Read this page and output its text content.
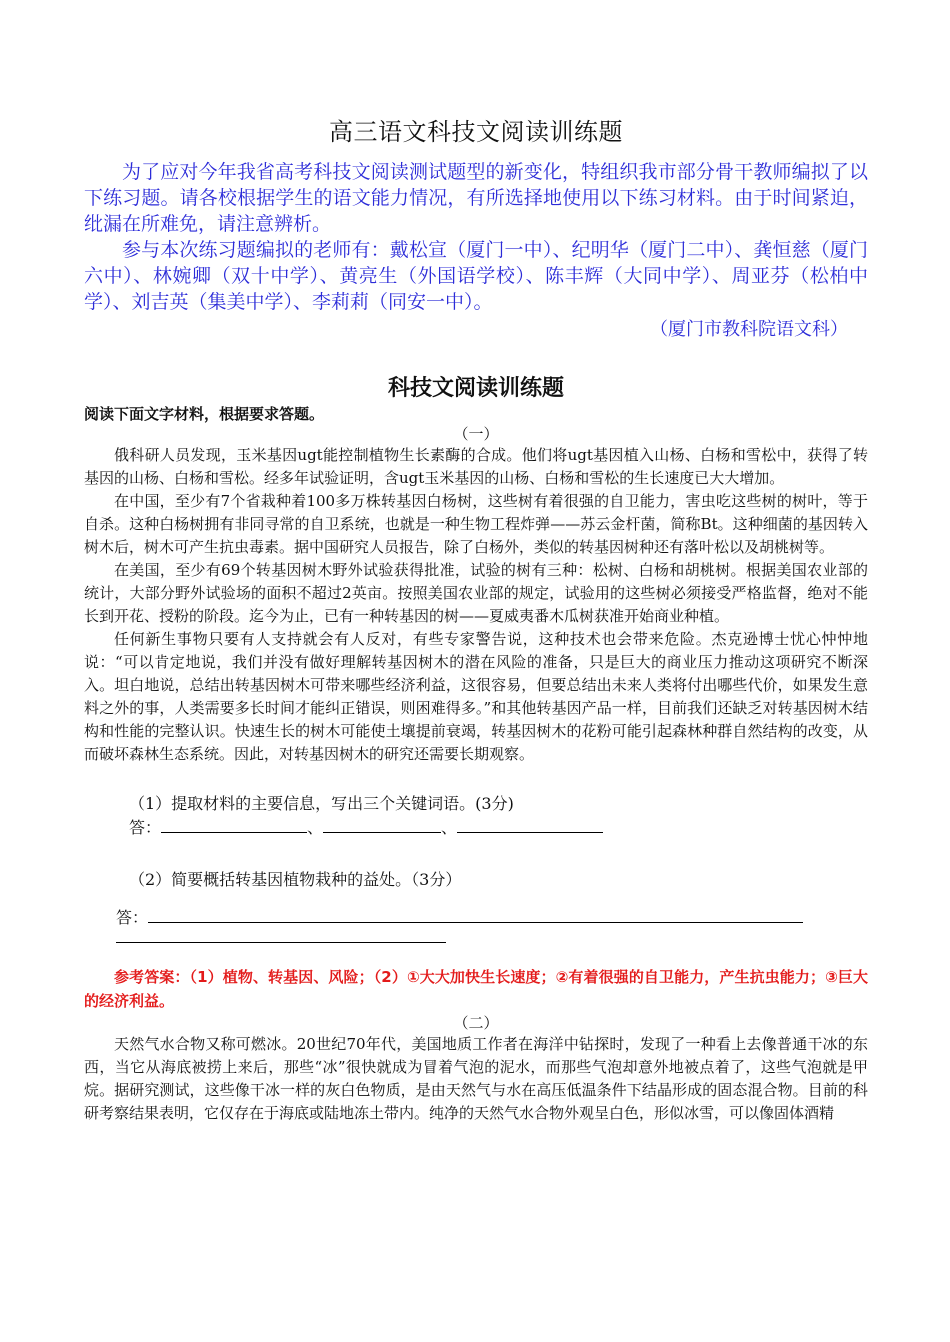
高三语文科技文阅读训练题

为了应对今年我省高考科技文阅读测试题型的新变化，特组织我市部分骨干教师编拟了以下练习题。请各校根据学生的语文能力情况，有所选择地使用以下练习材料。由于时间紧迫，纰漏在所难免，请注意辨析。

参与本次练习题编拟的老师有：戴松宣（厦门一中）、纪明华（厦门二中）、龚恒慈（厦门六中）、林婉卿（双十中学）、黄亮生（外国语学校）、陈丰辉（大同中学）、周亚芬（松柏中学）、刘吉英（集美中学）、李莉莉（同安一中）。

（厦门市教科院语文科）
科技文阅读训练题

阅读下面文字材料，根据要求答题。

（一）

俄科研人员发现，玉米基因ugt能控制植物生长素酶的合成。他们将ugt基因植入山杨、白杨和雪松中，获得了转基因的山杨、白杨和雪松。经多年试验证明，含ugt玉米基因的山杨、白杨和雪松的生长速度已大大增加。

在中国，至少有7个省栽种着100多万株转基因白杨树，这些树有着很强的自卫能力，害虫吃这些树的树叶，等于自杀。这种白杨树拥有非同寻常的自卫系统，也就是一种生物工程炸弹——苏云金杆菌，简称Bt。这种细菌的基因转入树木后，树木可产生抗虫毒素。据中国研究人员报告，除了白杨外，类似的转基因树种还有落叶松以及胡桃树等。

在美国，至少有69个转基因树木野外试验获得批准，试验的树有三种：松树、白杨和胡桃树。根据美国农业部的统计，大部分野外试验场的面积不超过2英亩。按照美国农业部的规定，试验用的这些树必须接受严格监督，绝对不能长到开花、授粉的阶段。迄今为止，已有一种转基因的树——夏威夷番木瓜树获准开始商业种植。

任何新生事物只要有人支持就会有人反对，有些专家警告说，这种技术也会带来危险。杰克逊博士忧心忡忡地说：“可以肯定地说，我们并没有做好理解转基因树木的潜在风险的准备，只是巨大的商业压力推动这项研究不断深入。坦白地说，总结出转基因树木可带来哪些经济利益，这很容易，但要总结出未来人类将付出哪些代价，如果发生意料之外的事，人类需要多长时间才能纠正错误，则困难得多。”和其他转基因产品一样，目前我们还缺乏对转基因树木结构和性能的完整认识。快速生长的树木可能使土壤提前衰竭，转基因树木的花粉可能引起森林种群自然结构的改变，从而破坏森林生态系统。因此，对转基因树木的研究还需要长期观察。

（1）提取材料的主要信息，写出三个关键词语。(3分)

答：	、	、

（2）简要概括转基因植物栽种的益处。（3分）

答：

参考答案：（1）植物、转基因、风险；（2）①大大加快生长速度；②有着很强的自卫能力，产生抗虫能力；③巨大的经济利益。

（二）

天然气水合物又称可燃冰。20世纪70年代，美国地质工作者在海洋中钻探时，发现了一种看上去像普通干冰的东西，当它从海底被捞上来后，那些“冰”很快就成为冒着气泡的泥水，而那些气泡却意外地被点着了，这些气泡就是甲烷。据研究测试，这些像干冰一样的灰白色物质，是由天然气与水在高压低温条件下结晶形成的固态混合物。目前的科研考察结果表明，它仅存在于海底或陆地冻土带内。纯净的天然气水合物外观呈白色，形似冰雪，可以像固体酒精
